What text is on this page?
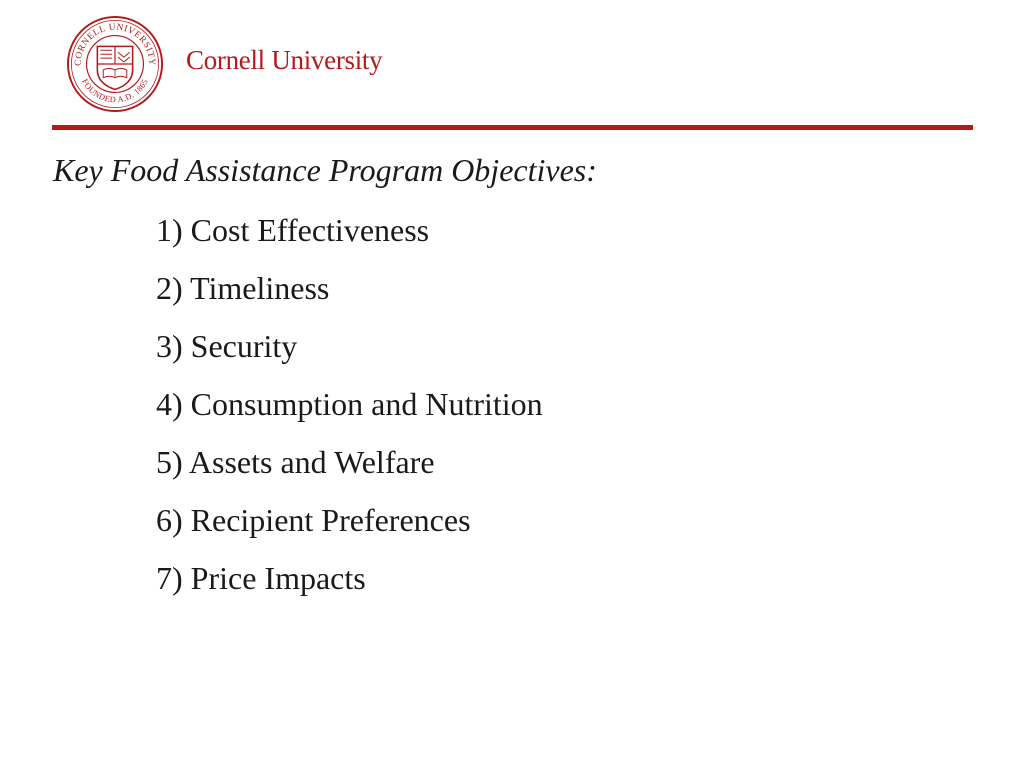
CORNELL UNIVERSITY
FOUNDED A.D. 1865
Cornell University
Key Food Assistance Program Objectives:
1) Cost Effectiveness
2) Timeliness
3) Security
4) Consumption and Nutrition
5) Assets and Welfare
6) Recipient Preferences
7) Price Impacts
